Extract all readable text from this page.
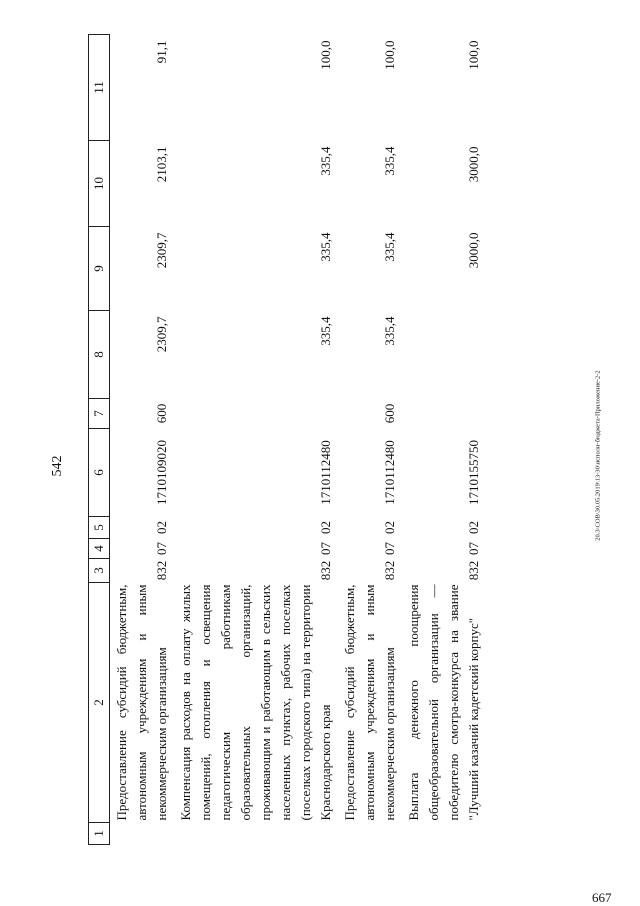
542	20.3\СОВ\30.05.2019\13-30\исполн-бюджета-Приложение-2-2
667
1	2	3	4	5	6	7	8	9	10	11
	Предоставление субсидий бюджетным, автономным учреждениям и иным некоммерческим организациям	832	07	02	1710109020	600	2309,7	2309,7	2103,1	91,1
	Компенсация расходов на оплату жилых помещений, отопления и освещения педагогическим работникам образовательных организаций, проживающим и работающим в сельских населенных пунктах, рабочих поселках (поселках городского типа) на территории Краснодарского края	832	07	02	1710112480		335,4	335,4	335,4	100,0
	Предоставление субсидий бюджетным, автономным учреждениям и иным некоммерческим организациям	832	07	02	1710112480	600	335,4	335,4	335,4	100,0
	Выплата денежного поощрения общеобразовательной организации — победителю смотра-конкурса на звание "Лучший казачий кадетский корпус"	832	07	02	1710155750			3000,0	3000,0	100,0
